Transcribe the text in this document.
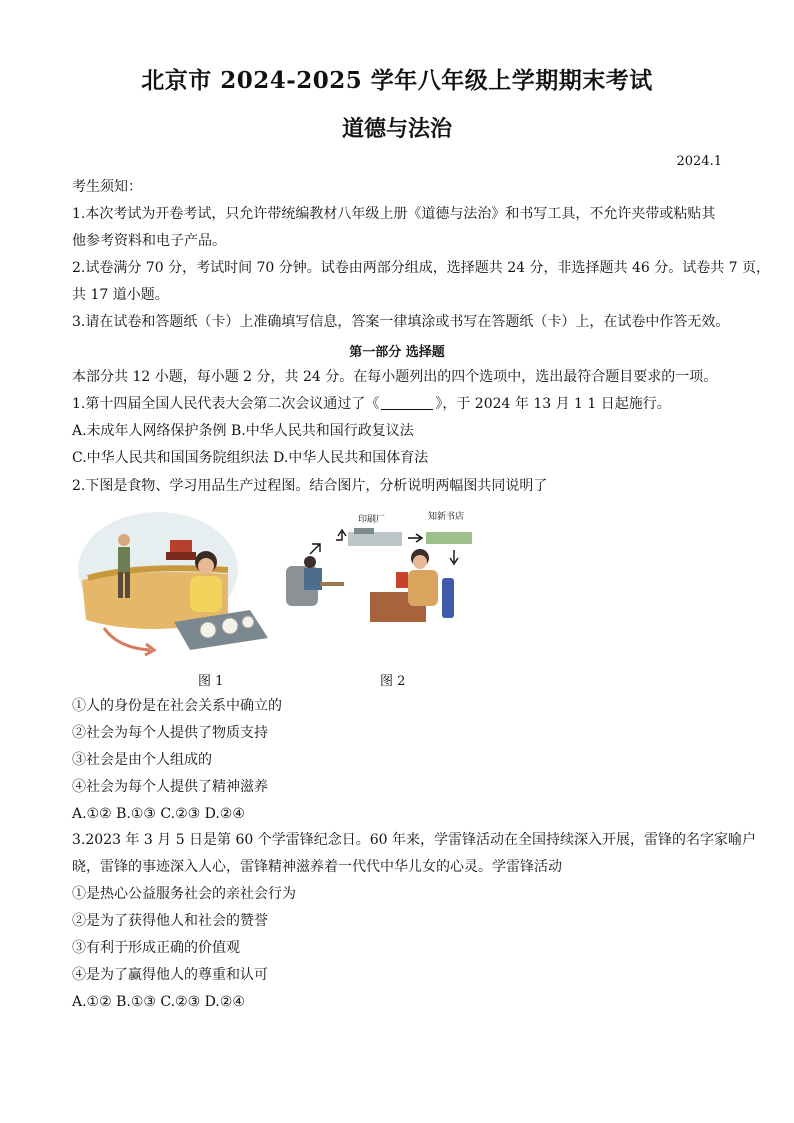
北京市 2024-2025 学年八年级上学期期末考试
道德与法治
2024.1
考生须知：
1.本次考试为开卷考试，只允许带统编教材八年级上册《道德与法治》和书写工具，不允许夹带或粘贴其
他参考资料和电子产品。
2.试卷满分 70 分，考试时间 70 分钟。试卷由两部分组成，选择题共 24 分，非选择题共 46 分。试卷共 7 页，
共 17 道小题。
3.请在试卷和答题纸（卡）上准确填写信息，答案一律填涂或书写在答题纸（卡）上，在试卷中作答无效。
第一部分 选择题
本部分共 12 小题，每小题 2 分，共 24 分。在每小题列出的四个选项中，选出最符合题目要求的一项。
1.第十四届全国人民代表大会第二次会议通过了《	》，于 2024 年 13 月 1 1 日起施行。
A.未成年人网络保护条例 B.中华人民共和国行政复议法
C.中华人民共和国国务院组织法 D.中华人民共和国体育法
2.下图是食物、学习用品生产过程图。结合图片，分析说明两幅图共同说明了
印刷厂	知新书店
图 1	图 2
①人的身份是在社会关系中确立的
②社会为每个人提供了物质支持
③社会是由个人组成的
④社会为每个人提供了精神滋养
A.①② B.①③ C.②③ D.②④
3.2023 年 3 月 5 日是第 60 个学雷锋纪念日。60 年来，学雷锋活动在全国持续深入开展，雷锋的名字家喻户
晓，雷锋的事迹深入人心，雷锋精神滋养着一代代中华儿女的心灵。学雷锋活动
①是热心公益服务社会的亲社会行为
②是为了获得他人和社会的赞誉
③有利于形成正确的价值观
④是为了赢得他人的尊重和认可
A.①② B.①③ C.②③ D.②④
